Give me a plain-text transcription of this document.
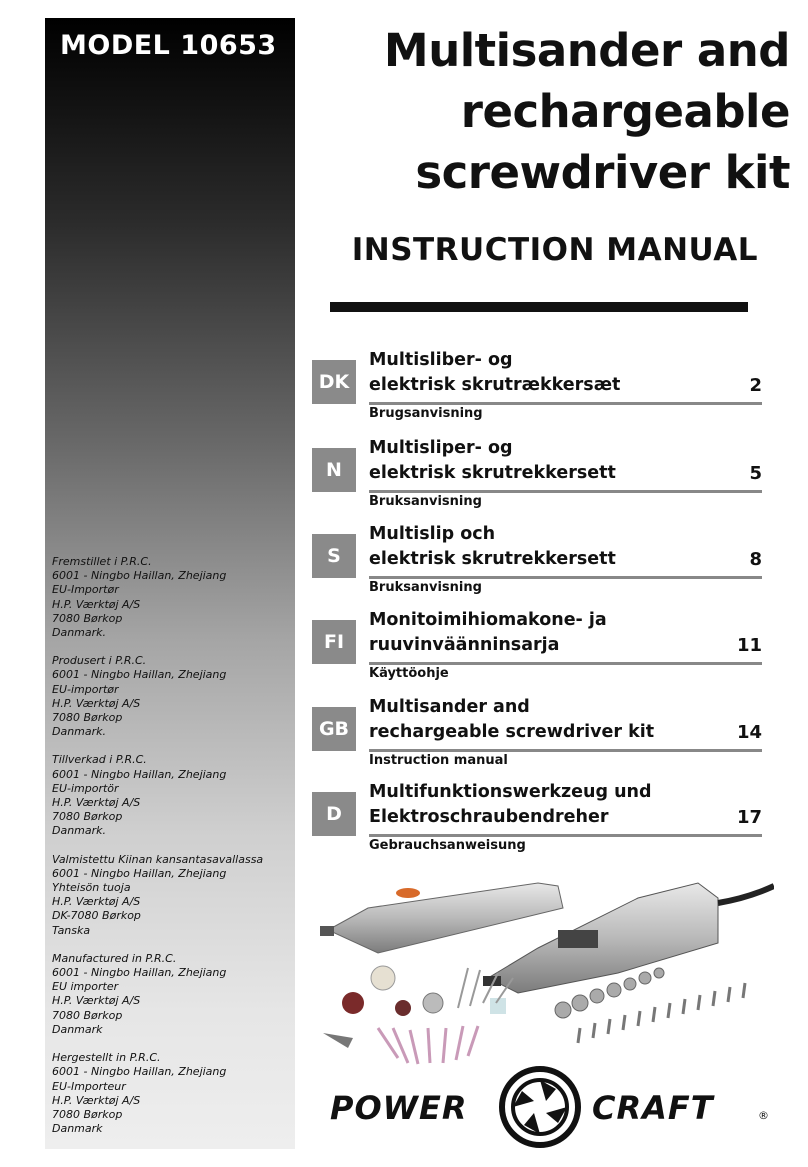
MODEL 10653
Fremstillet i P.R.C.
6001 - Ningbo Haillan, Zhejiang
EU-Importør
H.P. Værktøj A/S
7080 Børkop
Danmark.
Produsert i P.R.C.
6001 - Ningbo Haillan, Zhejiang
EU-importør
H.P. Værktøj A/S
7080 Børkop
Danmark.
Tillverkad i P.R.C.
6001 - Ningbo Haillan, Zhejiang
EU-importör
H.P. Værktøj A/S
7080 Børkop
Danmark.
Valmistettu Kiinan kansantasavallassa
6001 - Ningbo Haillan, Zhejiang
Yhteisön tuoja
H.P. Værktøj A/S
DK-7080 Børkop
Tanska
Manufactured in P.R.C.
6001 - Ningbo Haillan, Zhejiang
EU importer
H.P. Værktøj A/S
7080 Børkop
Danmark
Hergestellt in P.R.C.
6001 - Ningbo Haillan, Zhejiang
EU-Importeur
H.P. Værktøj A/S
7080 Børkop
Danmark
Multisander and
rechargeable
screwdriver kit
INSTRUCTION MANUAL
DK
Multisliber- og
elektrisk skrutrækkersæt	2
Brugsanvisning
N
Multisliper- og
elektrisk skrutrekkersett	5
Bruksanvisning
S
Multislip och
elektrisk skrutrekkersett	8
Bruksanvisning
FI
Monitoimihiomakone- ja
ruuvinväänninsarja	11
Käyttöohje
GB
Multisander and
rechargeable screwdriver kit	14
Instruction manual
D
Multifunktionswerkzeug und
Elektroschraubendreher	17
Gebrauchsanweisung
POWER	CRAFT	®
